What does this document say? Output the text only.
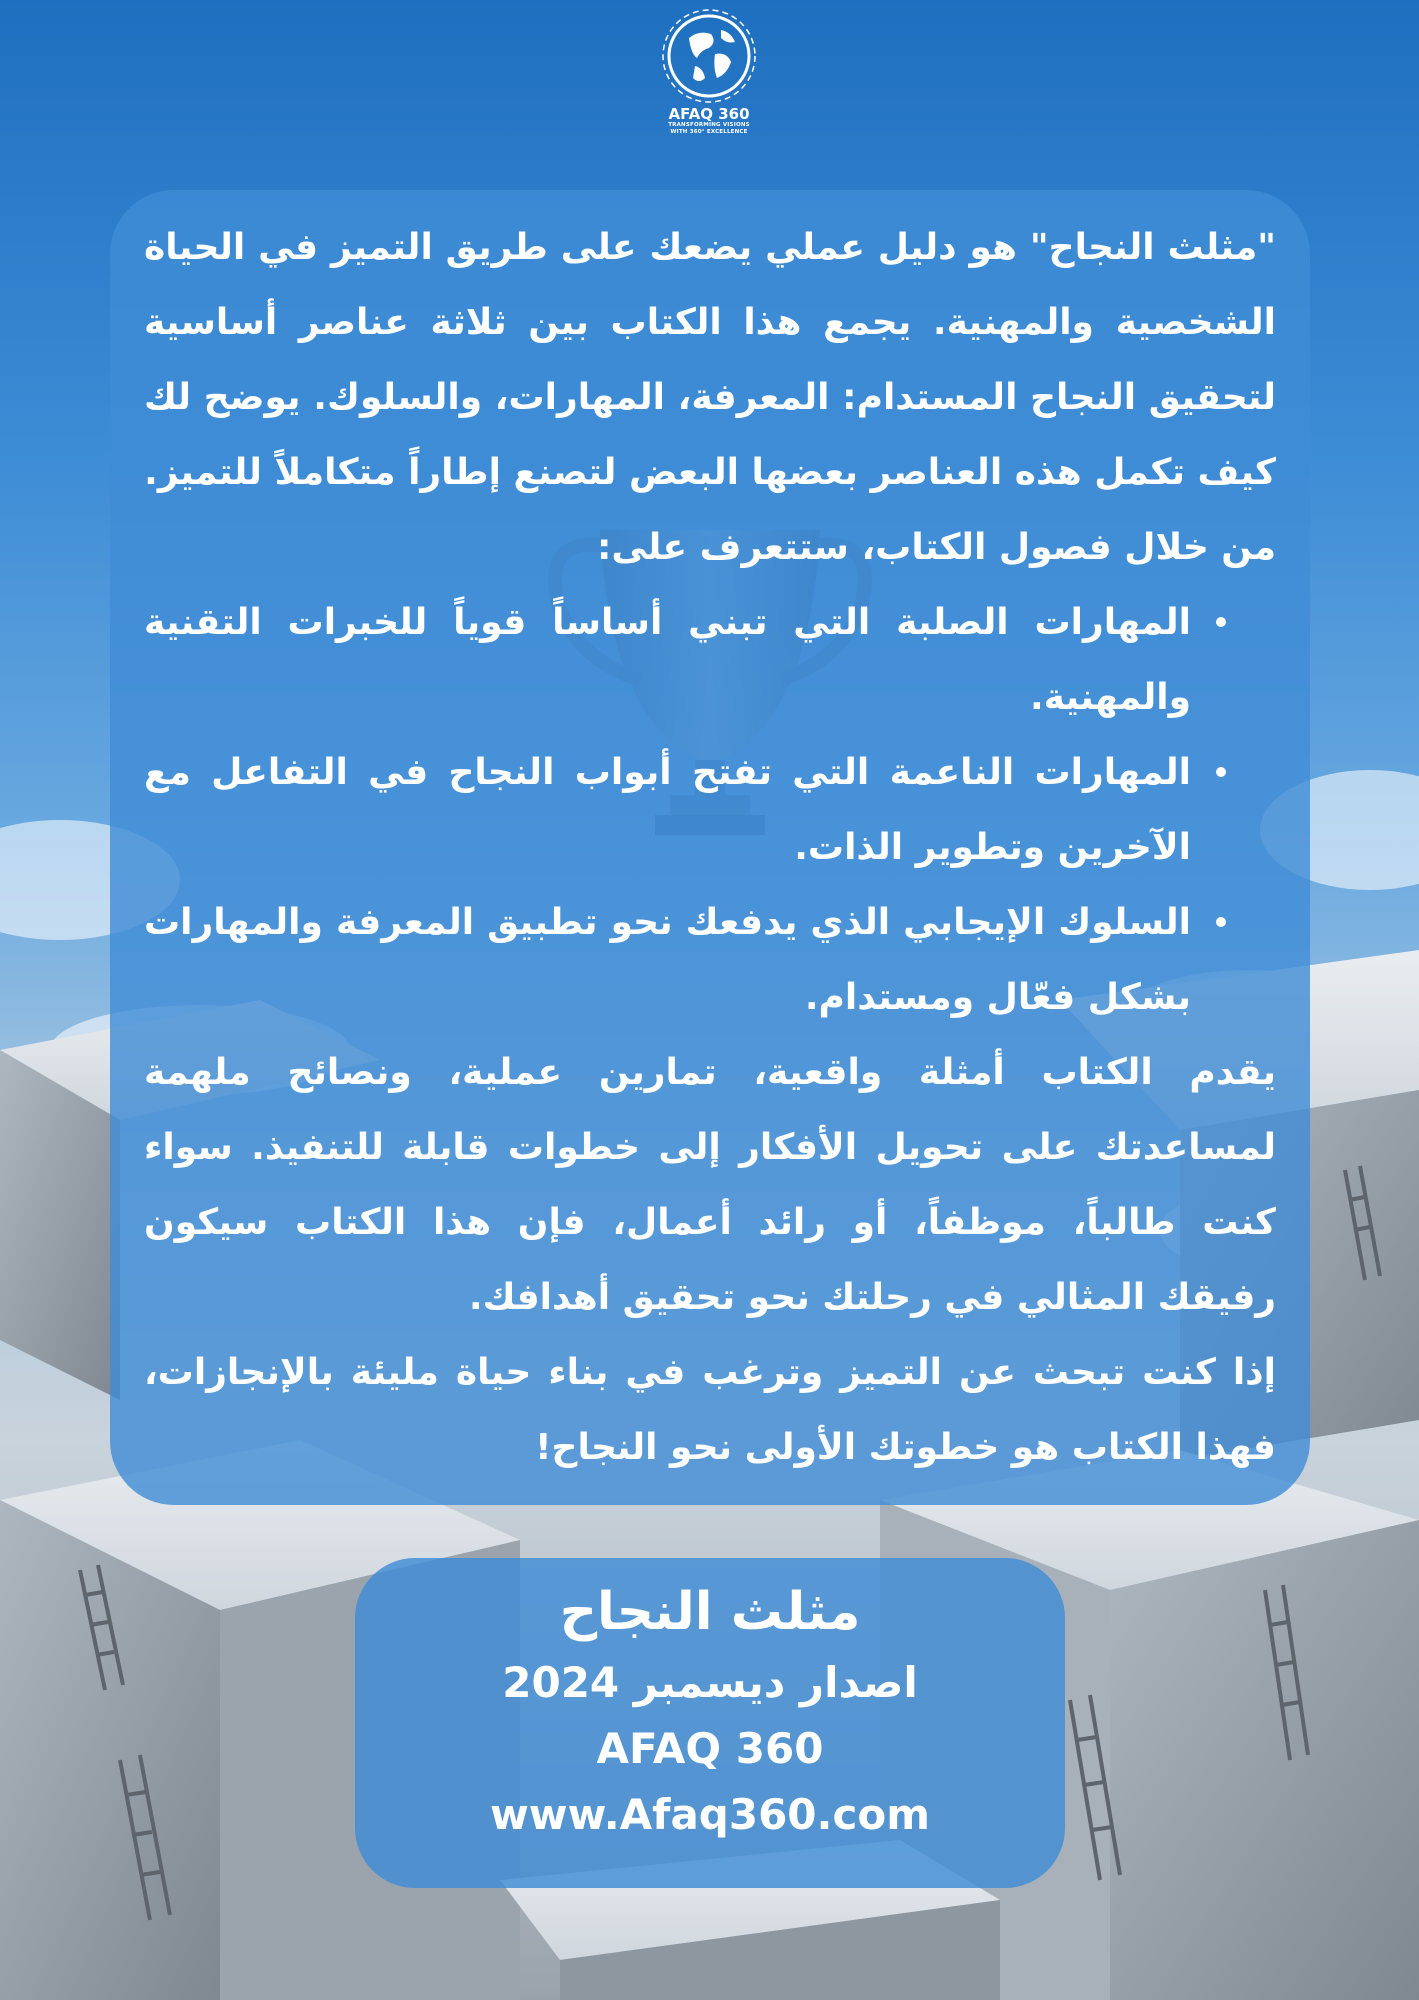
AFAQ 360
TRANSFORMING VISIONS
WITH 360° EXCELLENCE

"مثلث النجاح" هو دليل عملي يضعك على طريق التميز في الحياة الشخصية والمهنية. يجمع هذا الكتاب بين ثلاثة عناصر أساسية لتحقيق النجاح المستدام: المعرفة، المهارات، والسلوك. يوضح لك كيف تكمل هذه العناصر بعضها البعض لتصنع إطاراً متكاملاً للتميز.

من خلال فصول الكتاب، ستتعرف على:

المهارات الصلبة التي تبني أساساً قوياً للخبرات التقنية والمهنية.
المهارات الناعمة التي تفتح أبواب النجاح في التفاعل مع الآخرين وتطوير الذات.
السلوك الإيجابي الذي يدفعك نحو تطبيق المعرفة والمهارات بشكل فعّال ومستدام.

يقدم الكتاب أمثلة واقعية، تمارين عملية، ونصائح ملهمة لمساعدتك على تحويل الأفكار إلى خطوات قابلة للتنفيذ. سواء كنت طالباً، موظفاً، أو رائد أعمال، فإن هذا الكتاب سيكون رفيقك المثالي في رحلتك نحو تحقيق أهدافك.

إذا كنت تبحث عن التميز وترغب في بناء حياة مليئة بالإنجازات، فهذا الكتاب هو خطوتك الأولى نحو النجاح!

مثلث النجاح
اصدار ديسمبر 2024
AFAQ 360
www.Afaq360.com
